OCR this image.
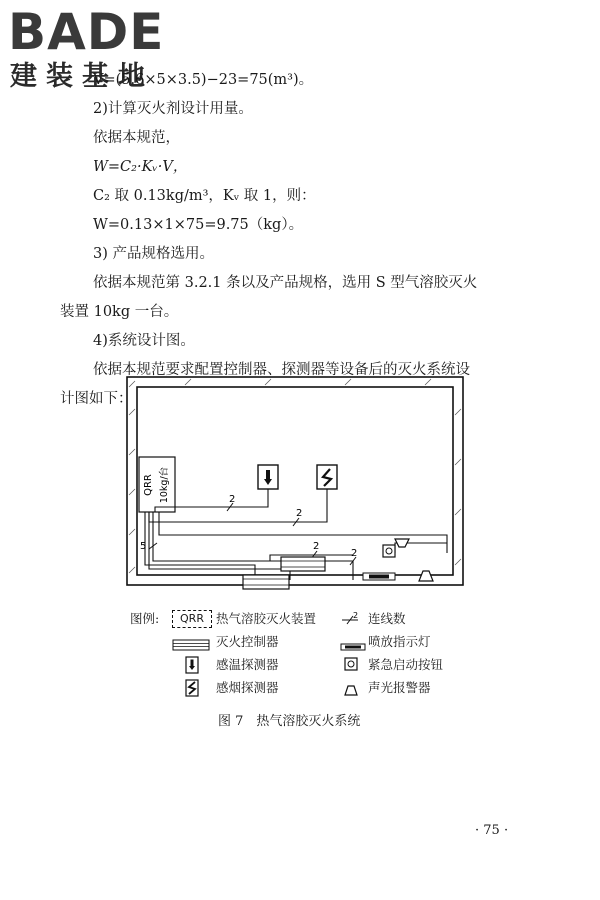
BADE
建装基地
V=(5.6×5×3.5)−23=75(m³)。
2)计算灭火剂设计用量。
依据本规范，
W=C₂·Kᵥ·V，
C₂ 取 0.13kg/m³，Kᵥ 取 1，则：
W=0.13×1×75=9.75（kg）。
3) 产品规格选用。
依据本规范第 3.2.1 条以及产品规格，选用 S 型气溶胶灭火
装置 10kg 一台。
4)系统设计图。
依据本规范要求配置控制器、探测器等设备后的灭火系统设
计图如下：
QRR 10kg/台	2
2
5	2
2
图例:	QRR 热气溶胶灭火装置	2 连线数
灭火控制器	喷放指示灯
感温探测器	紧急启动按钮
感烟探测器	声光报警器
图 7　热气溶胶灭火系统
· 75 ·
